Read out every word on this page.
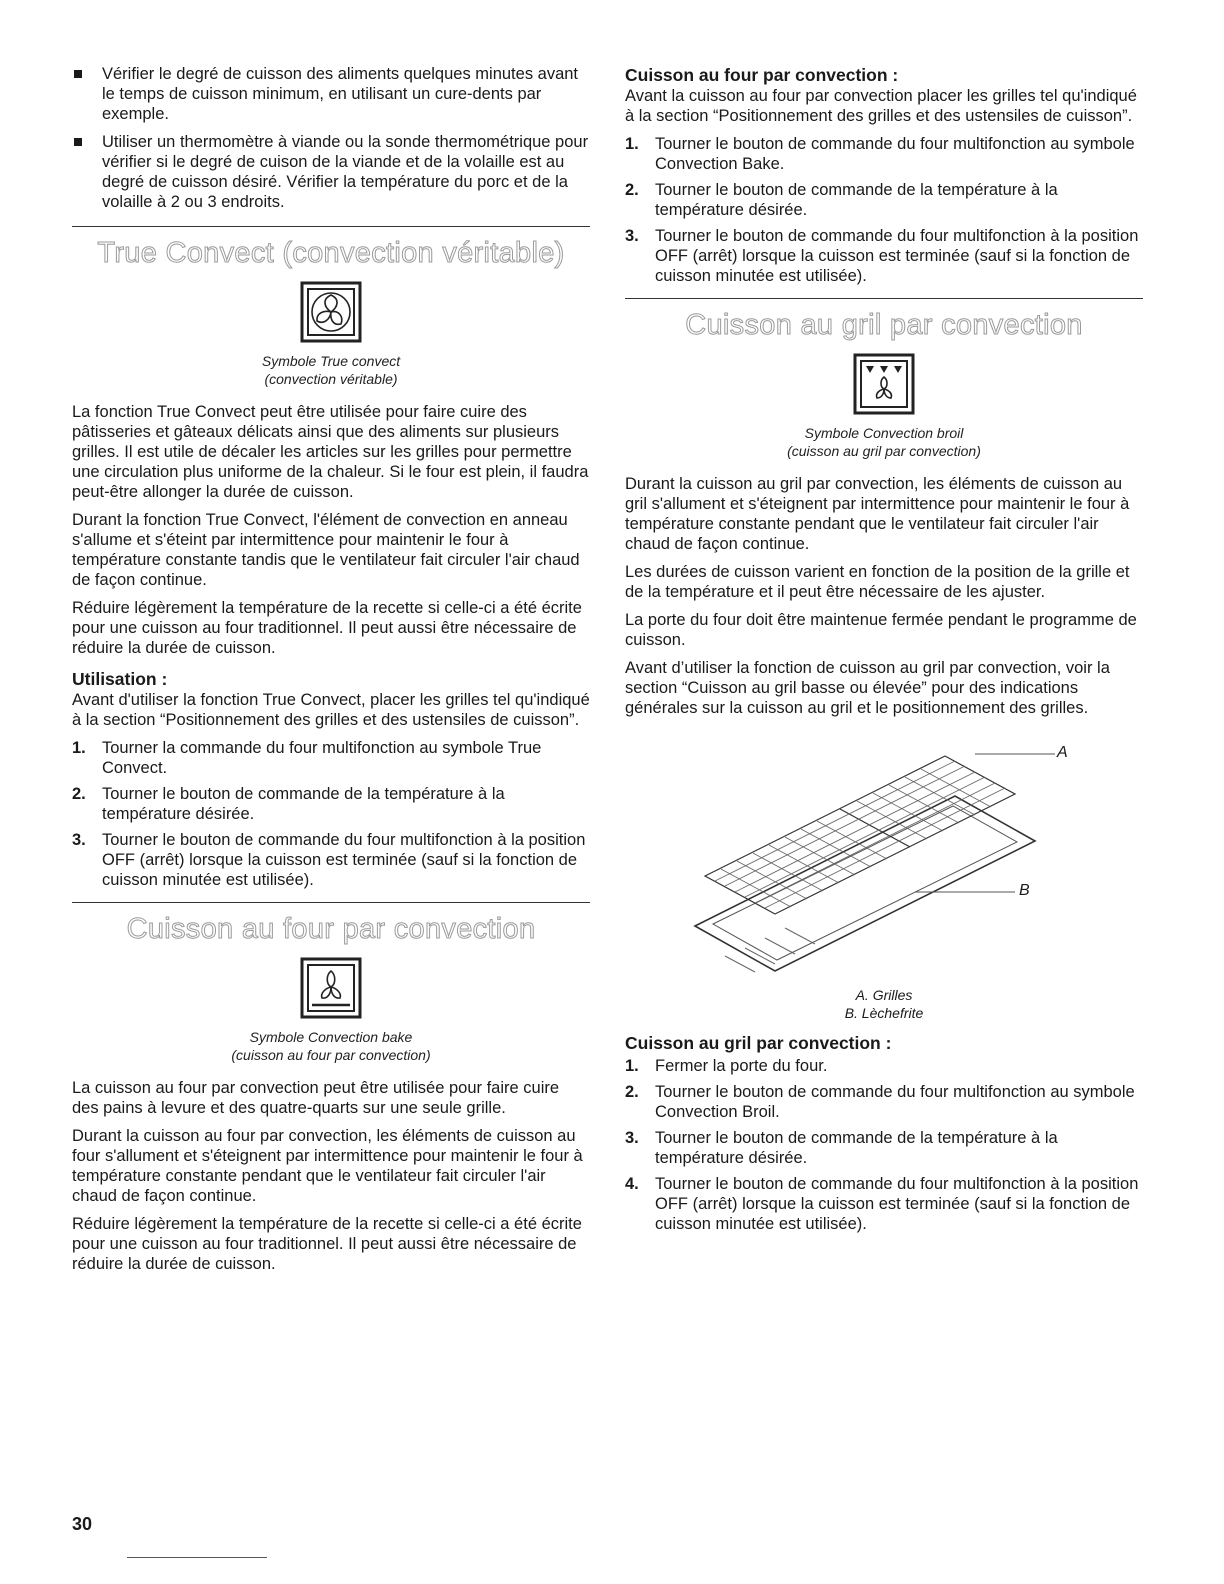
Vérifier le degré de cuisson des aliments quelques minutes avant le temps de cuisson minimum, en utilisant un cure-dents par exemple.
Utiliser un thermomètre à viande ou la sonde thermométrique pour vérifier si le degré de cuison de la viande et de la volaille est au degré de cuisson désiré. Vérifier la température du porc et de la volaille à 2 ou 3 endroits.
True Convect (convection véritable)
Symbole True convect
(convection véritable)

La fonction True Convect peut être utilisée pour faire cuire des pâtisseries et gâteaux délicats ainsi que des aliments sur plusieurs grilles. Il est utile de décaler les articles sur les grilles pour permettre une circulation plus uniforme de la chaleur. Si le four est plein, il faudra peut-être allonger la durée de cuisson.

Durant la fonction True Convect, l'élément de convection en anneau s'allume et s'éteint par intermittence pour maintenir le four à température constante tandis que le ventilateur fait circuler l'air chaud de façon continue.

Réduire légèrement la température de la recette si celle-ci a été écrite pour une cuisson au four traditionnel. Il peut aussi être nécessaire de réduire la durée de cuisson.

Utilisation :

Avant d'utiliser la fonction True Convect, placer les grilles tel qu'indiqué à la section “Positionnement des grilles et des ustensiles de cuisson”.

1. Tourner la commande du four multifonction au symbole True Convect.
2. Tourner le bouton de commande de la température à la température désirée.
3. Tourner le bouton de commande du four multifonction à la position OFF (arrêt) lorsque la cuisson est terminée (sauf si la fonction de cuisson minutée est utilisée).
Cuisson au four par convection
Symbole Convection bake
(cuisson au four par convection)

La cuisson au four par convection peut être utilisée pour faire cuire des pains à levure et des quatre-quarts sur une seule grille.

Durant la cuisson au four par convection, les éléments de cuisson au four s'allument et s'éteignent par intermittence pour maintenir le four à température constante pendant que le ventilateur fait circuler l'air chaud de façon continue.

Réduire légèrement la température de la recette si celle-ci a été écrite pour une cuisson au four traditionnel. Il peut aussi être nécessaire de réduire la durée de cuisson.

Cuisson au four par convection :

Avant la cuisson au four par convection placer les grilles tel qu'indiqué à la section “Positionnement des grilles et des ustensiles de cuisson”.

1. Tourner le bouton de commande du four multifonction au symbole Convection Bake.
2. Tourner le bouton de commande de la température à la température désirée.
3. Tourner le bouton de commande du four multifonction à la position OFF (arrêt) lorsque la cuisson est terminée (sauf si la fonction de cuisson minutée est utilisée).
Cuisson au gril par convection
Symbole Convection broil
(cuisson au gril par convection)

Durant la cuisson au gril par convection, les éléments de cuisson au gril s'allument et s'éteignent par intermittence pour maintenir le four à température constante pendant que le ventilateur fait circuler l'air chaud de façon continue.

Les durées de cuisson varient en fonction de la position de la grille et de la température et il peut être nécessaire de les ajuster.

La porte du four doit être maintenue fermée pendant le programme de cuisson.

Avant d’utiliser la fonction de cuisson au gril par convection, voir la section “Cuisson au gril basse ou élevée” pour des indications générales sur la cuisson au gril et le positionnement des grilles.

A
B
A. Grilles
B. Lèchefrite
Cuisson au gril par convection :
1. Fermer la porte du four.
2. Tourner le bouton de commande du four multifonction au symbole Convection Broil.
3. Tourner le bouton de commande de la température à la température désirée.
4. Tourner le bouton de commande du four multifonction à la position OFF (arrêt) lorsque la cuisson est terminée (sauf si la fonction de cuisson minutée est utilisée).
30
